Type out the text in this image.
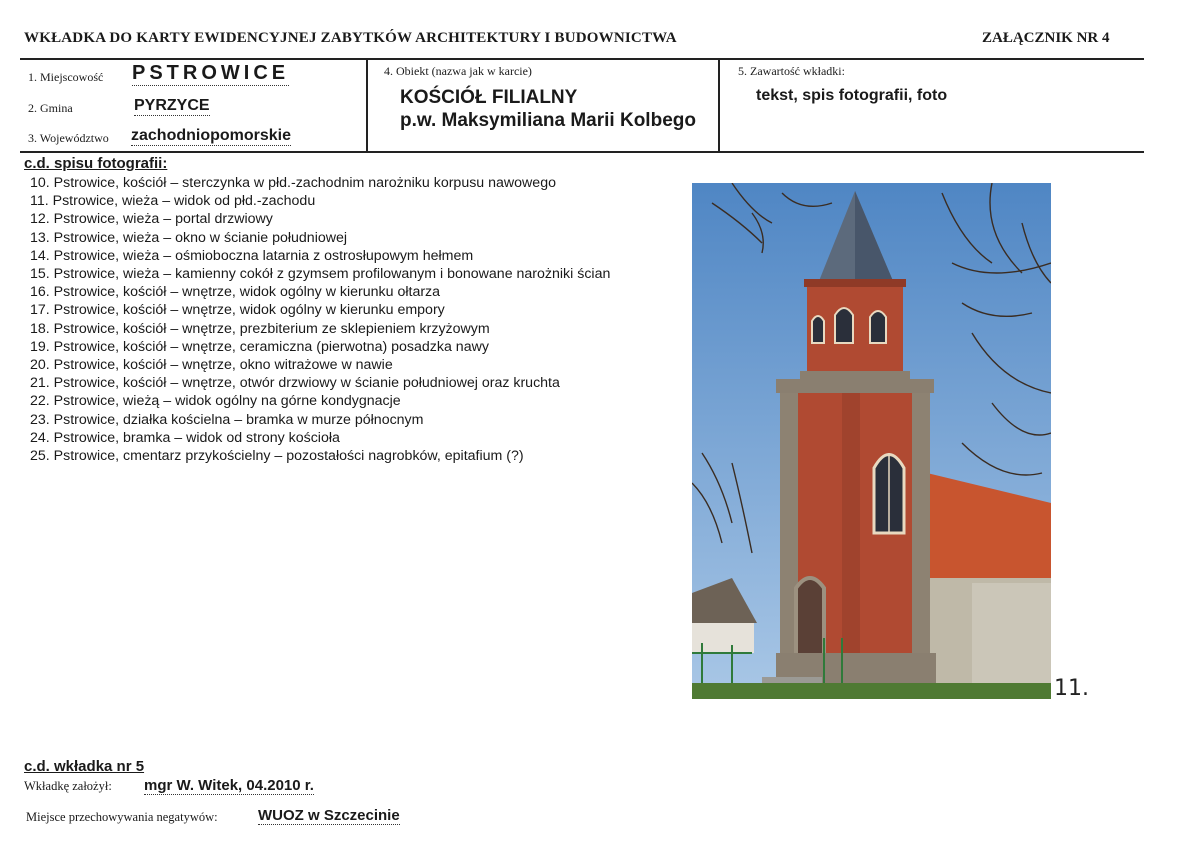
WKŁADKA DO KARTY EWIDENCYJNEJ ZABYTKÓW ARCHITEKTURY I BUDOWNICTWA	ZAŁĄCZNIK NR 4
1. Miejscowość PSTROWICE
2. Gmina	PYRZYCE
3. Województwo zachodniopomorskie
4. Obiekt (nazwa jak w karcie)
KOŚCIÓŁ FILIALNY
p.w. Maksymiliana Marii Kolbego
5. Zawartość wkładki:
tekst, spis fotografii, foto
c.d. spisu fotografii:
10. Pstrowice, kościół – sterczynka w płd.-zachodnim narożniku korpusu nawowego
11. Pstrowice, wieża – widok od płd.-zachodu
12. Pstrowice, wieża – portal drzwiowy
13. Pstrowice, wieża – okno w ścianie południowej
14. Pstrowice, wieża – ośmioboczna latarnia z ostrosłupowym hełmem
15. Pstrowice, wieża – kamienny cokół z gzymsem profilowanym i bonowane narożniki ścian
16. Pstrowice, kościół – wnętrze, widok ogólny w kierunku ołtarza
17. Pstrowice, kościół – wnętrze, widok ogólny w kierunku empory
18. Pstrowice, kościół – wnętrze, prezbiterium ze sklepieniem krzyżowym
19. Pstrowice, kościół – wnętrze, ceramiczna (pierwotna) posadzka nawy
20. Pstrowice, kościół – wnętrze, okno witrażowe w nawie
21. Pstrowice, kościół – wnętrze, otwór drzwiowy w ścianie południowej oraz kruchta
22. Pstrowice, wieżą – widok ogólny na górne kondygnacje
23. Pstrowice, działka kościelna – bramka w murze północnym
24. Pstrowice, bramka – widok od strony kościoła
25. Pstrowice, cmentarz przykościelny – pozostałości nagrobków, epitafium (?)
11.
c.d. wkładka nr 5
Wkładkę założył: mgr W. Witek, 04.2010 r.
Miejsce przechowywania negatywów:	WUOZ w Szczecinie
